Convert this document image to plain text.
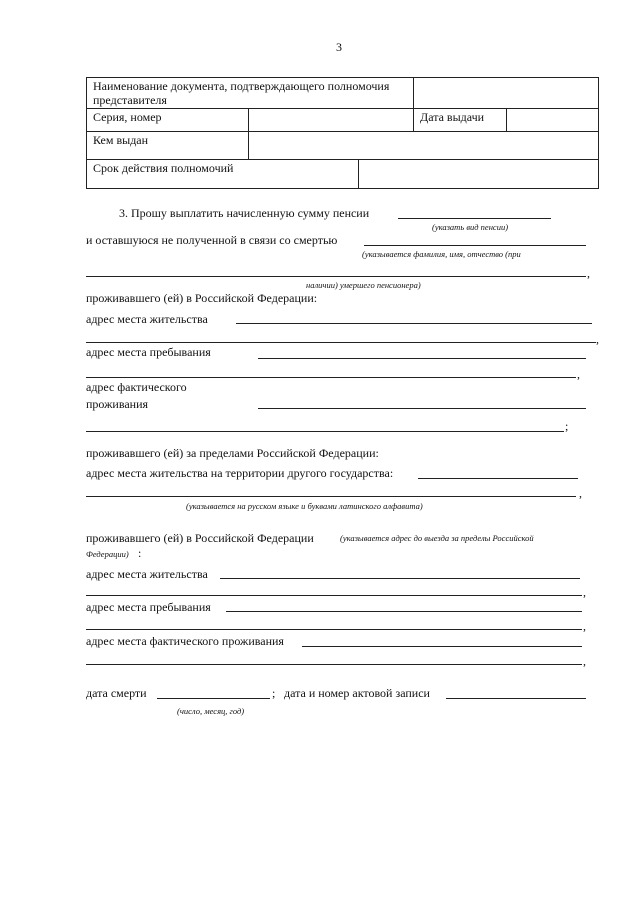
3
Наименование документа, подтверждающего полномочия представителя				
Серия, номер			Дата выдачи	
Кем выдан				
Срок действия полномочий				
3. Прошу выплатить начисленную сумму пенсии
(указать вид пенсии)
и оставшуюся не полученной в связи со смертью
(указывается фамилия, имя, отчество (при
,
наличии) умершего пенсионера)
проживавшего (ей) в Российской Федерации:
адрес места жительства
,
адрес места пребывания
,
адрес фактического
проживания
;
проживавшего (ей) за пределами Российской Федерации:
адрес места жительства на территории другого государства:
,
(указывается на русском языке и буквами латинского алфавита)
проживавшего (ей) в Российской Федерации	(указывается адрес до выезда за пределы Российской
Федерации) :
адрес места жительства
,
адрес места пребывания
,
адрес места фактического проживания
,
дата смерти	; дата и номер актовой записи
(число, месяц, год)
